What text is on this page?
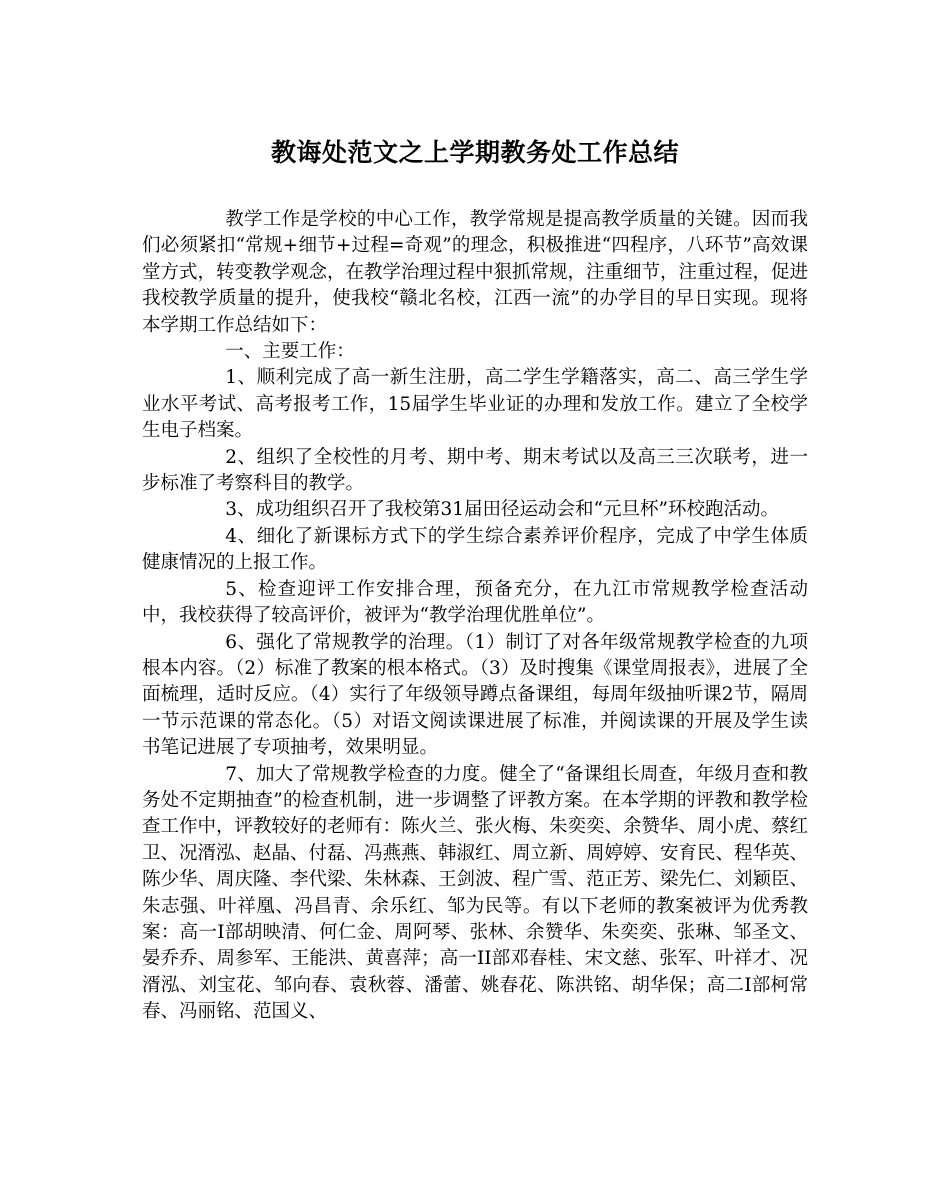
教诲处范文之上学期教务处工作总结

教学工作是学校的中心工作，教学常规是提高教学质量的关键。因而我们必须紧扣“常规+细节+过程=奇观”的理念，积极推进“四程序，八环节”高效课堂方式，转变教学观念，在教学治理过程中狠抓常规，注重细节，注重过程，促进我校教学质量的提升，使我校“赣北名校，江西一流”的办学目的早日实现。现将本学期工作总结如下：

一、主要工作：

1、顺利完成了高一新生注册，高二学生学籍落实，高二、高三学生学业水平考试、高考报考工作，15届学生毕业证的办理和发放工作。建立了全校学生电子档案。

2、组织了全校性的月考、期中考、期末考试以及高三三次联考，进一步标准了考察科目的教学。

3、成功组织召开了我校第31届田径运动会和“元旦杯”环校跑活动。

4、细化了新课标方式下的学生综合素养评价程序，完成了中学生体质健康情况的上报工作。

5、检查迎评工作安排合理，预备充分，在九江市常规教学检查活动中，我校获得了较高评价，被评为“教学治理优胜单位”。

6、强化了常规教学的治理。（1）制订了对各年级常规教学检查的九项根本内容。（2）标准了教案的根本格式。（3）及时搜集《课堂周报表》，进展了全面梳理，适时反应。（4）实行了年级领导蹲点备课组，每周年级抽听课2节，隔周一节示范课的常态化。（5）对语文阅读课进展了标准，并阅读课的开展及学生读书笔记进展了专项抽考，效果明显。

7、加大了常规教学检查的力度。健全了“备课组长周查，年级月查和教务处不定期抽查”的检查机制，进一步调整了评教方案。在本学期的评教和教学检查工作中，评教较好的老师有：陈火兰、张火梅、朱奕奕、余赞华、周小虎、蔡红卫、况湑泓、赵晶、付磊、冯燕燕、韩淑红、周立新、周婷婷、安育民、程华英、陈少华、周庆隆、李代梁、朱林森、王剑波、程广雪、范正芳、梁先仁、刘颖臣、朱志强、叶祥凰、冯昌青、余乐红、邹为民等。有以下老师的教案被评为优秀教案：高一Ⅰ部胡映清、何仁金、周阿琴、张林、余赞华、朱奕奕、张琳、邹圣文、晏乔乔、周参军、王能洪、黄喜萍；高一II部邓春桂、宋文慈、张军、叶祥才、况湑泓、刘宝花、邹向春、袁秋蓉、潘蕾、姚春花、陈洪铭、胡华保；高二Ⅰ部柯常春、冯丽铭、范国义、
